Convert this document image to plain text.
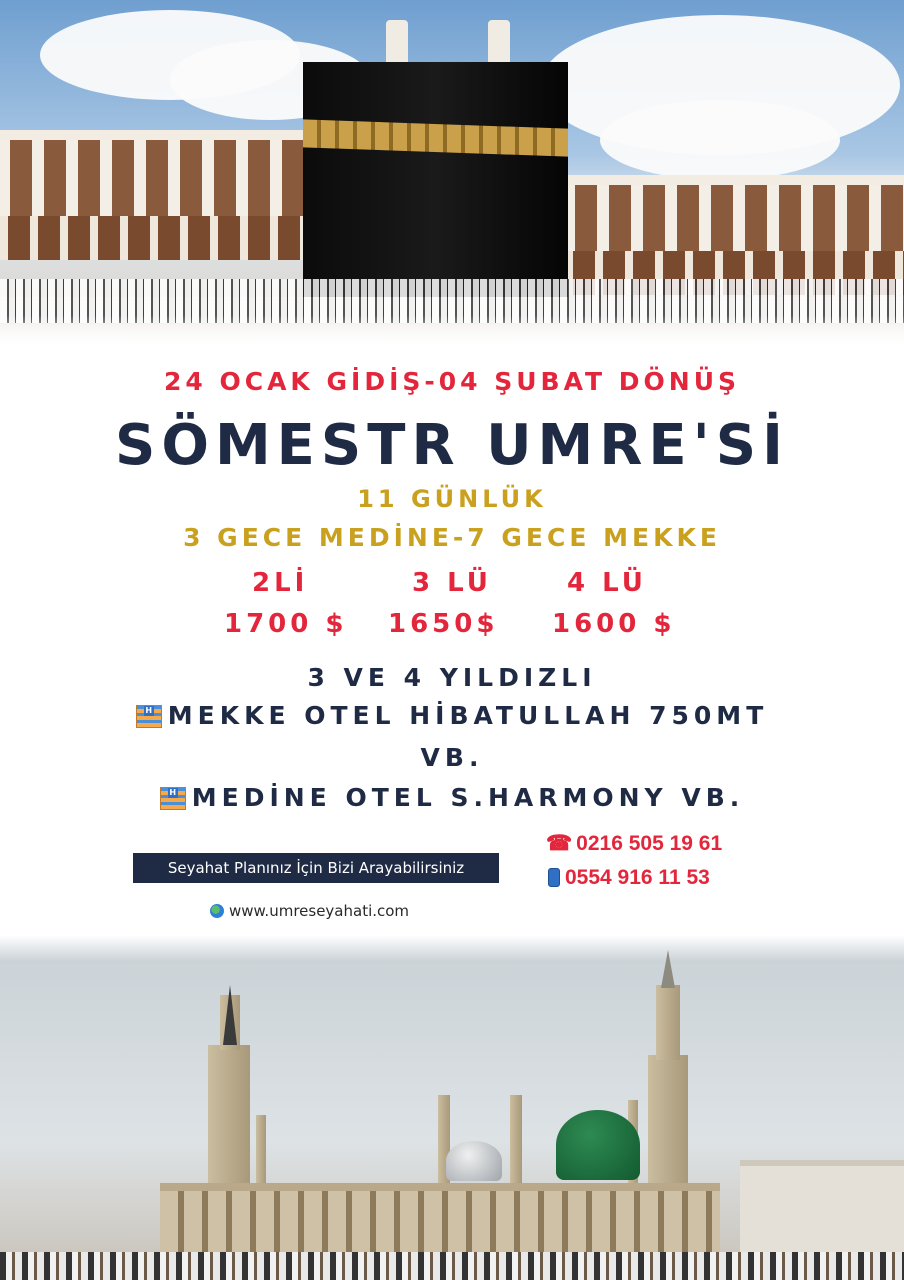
24 OCAK GİDİŞ-04 ŞUBAT DÖNÜŞ
SÖMESTR UMRE'Sİ
11 GÜNLÜK
3 GECE MEDİNE-7 GECE MEKKE
2Lİ	3 LÜ	4 LÜ
1700 $ 1650$ 1600 $
3 VE 4 YILDIZLI
H MEKKE OTEL HİBATULLAH 750MT
VB.
H MEDİNE OTEL S.HARMONY VB.
Seyahat Planınız İçin Bizi Arayabilirsiniz
☎ 0216 505 19 61
0554 916 11 53
www.umreseyahati.com
